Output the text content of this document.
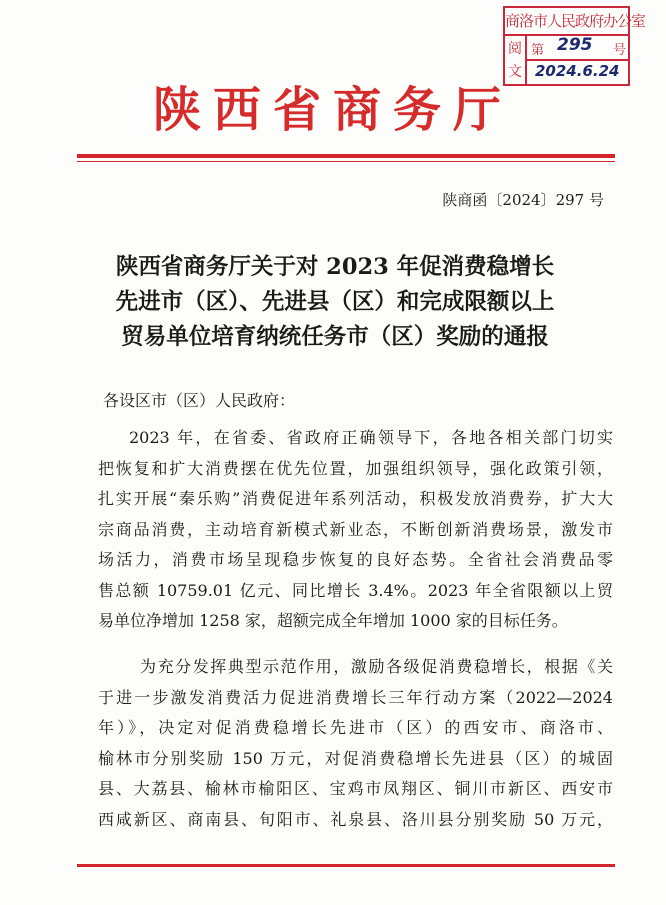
商洛市人民政府办公室
阅
文
第	号
295
2024.6.24
陕西省商务厅
陕商函〔2024〕297 号
陕西省商务厅关于对 2023 年促消费稳增长
先进市（区）、先进县（区）和完成限额以上
贸易单位培育纳统任务市（区）奖励的通报
各设区市（区）人民政府：
2023 年，在省委、省政府正确领导下，各地各相关部门切实
把恢复和扩大消费摆在优先位置，加强组织领导，强化政策引领，
扎实开展“秦乐购”消费促进年系列活动，积极发放消费券，扩大大
宗商品消费，主动培育新模式新业态，不断创新消费场景，激发市
场活力，消费市场呈现稳步恢复的良好态势。全省社会消费品零
售总额 10759.01 亿元、同比增长 3.4%。2023 年全省限额以上贸
易单位净增加 1258 家，超额完成全年增加 1000 家的目标任务。
为充分发挥典型示范作用，激励各级促消费稳增长，根据《关
于进一步激发消费活力促进消费增长三年行动方案（2022—2024
年）》，决定对促消费稳增长先进市（区）的西安市、商洛市、
榆林市分别奖励 150 万元，对促消费稳增长先进县（区）的城固
县、大荔县、榆林市榆阳区、宝鸡市凤翔区、铜川市新区、西安市
西咸新区、商南县、旬阳市、礼泉县、洛川县分别奖励 50 万元，
